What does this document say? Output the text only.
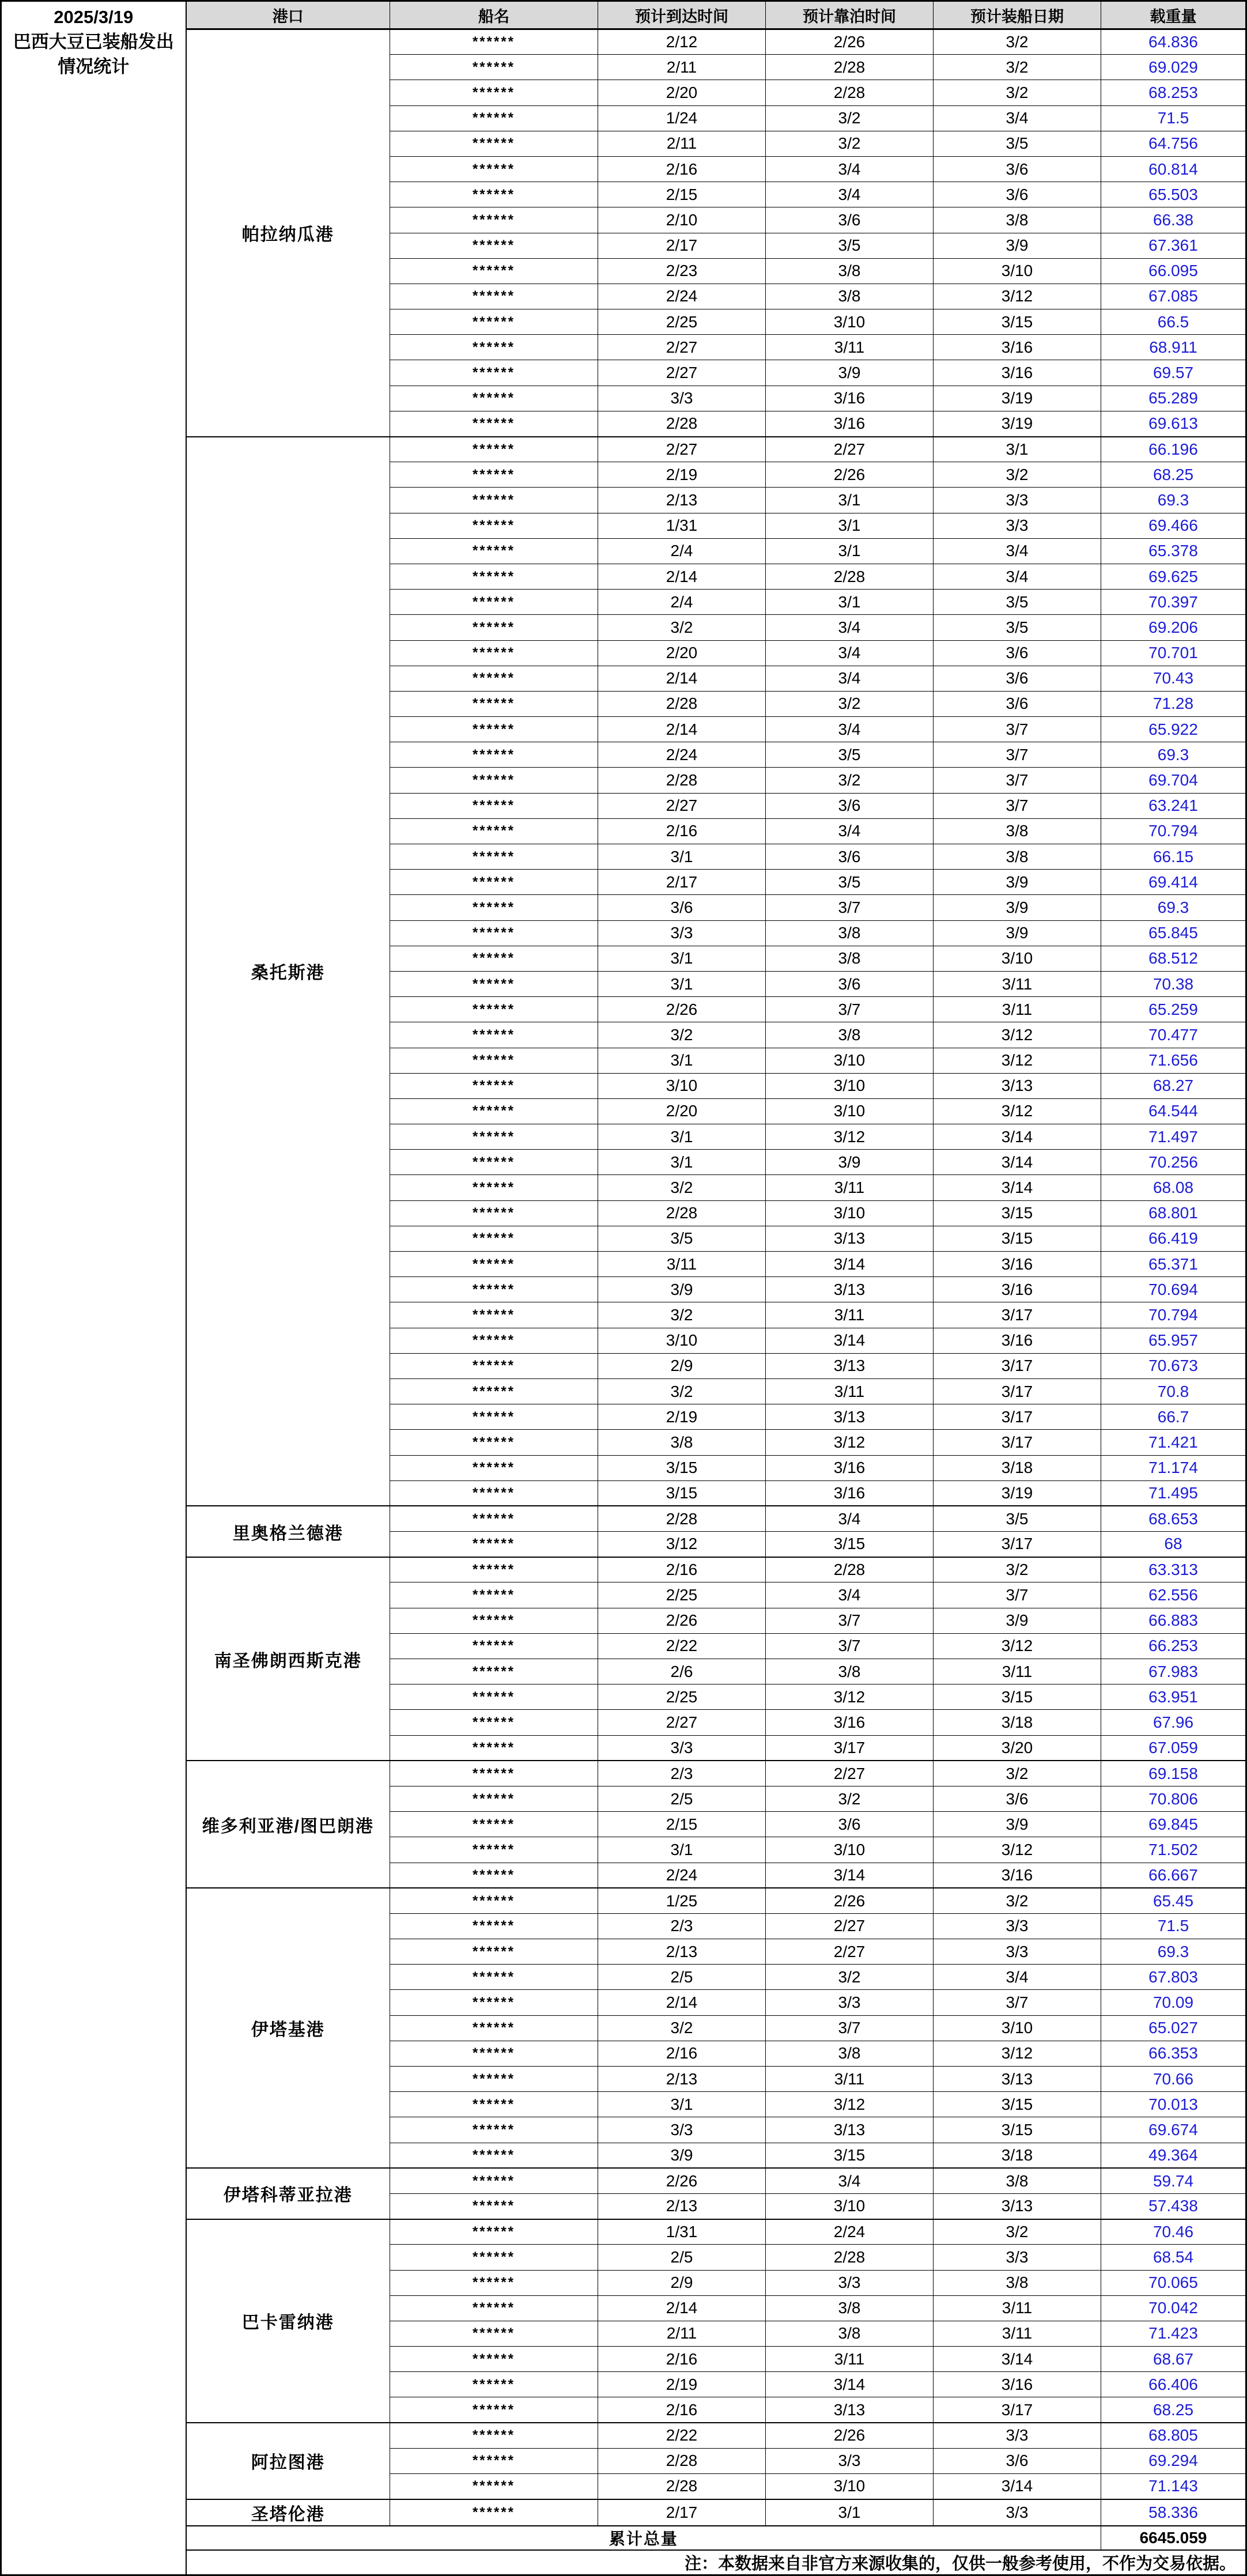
2025/3/19
巴西大豆已装船发出
情况统计	港口	船名	预计到达时间	预计靠泊时间	预计装船日期	载重量
	帕拉纳瓜港	******	2/12	2/26	3/2	64.836
		******	2/11	2/28	3/2	69.029
		******	2/20	2/28	3/2	68.253
		******	1/24	3/2	3/4	71.5
		******	2/11	3/2	3/5	64.756
		******	2/16	3/4	3/6	60.814
		******	2/15	3/4	3/6	65.503
		******	2/10	3/6	3/8	66.38
		******	2/17	3/5	3/9	67.361
		******	2/23	3/8	3/10	66.095
		******	2/24	3/8	3/12	67.085
		******	2/25	3/10	3/15	66.5
		******	2/27	3/11	3/16	68.911
		******	2/27	3/9	3/16	69.57
		******	3/3	3/16	3/19	65.289
		******	2/28	3/16	3/19	69.613
	桑托斯港	******	2/27	2/27	3/1	66.196
		******	2/19	2/26	3/2	68.25
		******	2/13	3/1	3/3	69.3
		******	1/31	3/1	3/3	69.466
		******	2/4	3/1	3/4	65.378
		******	2/14	2/28	3/4	69.625
		******	2/4	3/1	3/5	70.397
		******	3/2	3/4	3/5	69.206
		******	2/20	3/4	3/6	70.701
		******	2/14	3/4	3/6	70.43
		******	2/28	3/2	3/6	71.28
		******	2/14	3/4	3/7	65.922
		******	2/24	3/5	3/7	69.3
		******	2/28	3/2	3/7	69.704
		******	2/27	3/6	3/7	63.241
		******	2/16	3/4	3/8	70.794
		******	3/1	3/6	3/8	66.15
		******	2/17	3/5	3/9	69.414
		******	3/6	3/7	3/9	69.3
		******	3/3	3/8	3/9	65.845
		******	3/1	3/8	3/10	68.512
		******	3/1	3/6	3/11	70.38
		******	2/26	3/7	3/11	65.259
		******	3/2	3/8	3/12	70.477
		******	3/1	3/10	3/12	71.656
		******	3/10	3/10	3/13	68.27
		******	2/20	3/10	3/12	64.544
		******	3/1	3/12	3/14	71.497
		******	3/1	3/9	3/14	70.256
		******	3/2	3/11	3/14	68.08
		******	2/28	3/10	3/15	68.801
		******	3/5	3/13	3/15	66.419
		******	3/11	3/14	3/16	65.371
		******	3/9	3/13	3/16	70.694
		******	3/2	3/11	3/17	70.794
		******	3/10	3/14	3/16	65.957
		******	2/9	3/13	3/17	70.673
		******	3/2	3/11	3/17	70.8
		******	2/19	3/13	3/17	66.7
		******	3/8	3/12	3/17	71.421
		******	3/15	3/16	3/18	71.174
		******	3/15	3/16	3/19	71.495
	里奥格兰德港	******	2/28	3/4	3/5	68.653
		******	3/12	3/15	3/17	68
	南圣佛朗西斯克港	******	2/16	2/28	3/2	63.313
		******	2/25	3/4	3/7	62.556
		******	2/26	3/7	3/9	66.883
		******	2/22	3/7	3/12	66.253
		******	2/6	3/8	3/11	67.983
		******	2/25	3/12	3/15	63.951
		******	2/27	3/16	3/18	67.96
		******	3/3	3/17	3/20	67.059
	维多利亚港/图巴朗港	******	2/3	2/27	3/2	69.158
		******	2/5	3/2	3/6	70.806
		******	2/15	3/6	3/9	69.845
		******	3/1	3/10	3/12	71.502
		******	2/24	3/14	3/16	66.667
	伊塔基港	******	1/25	2/26	3/2	65.45
		******	2/3	2/27	3/3	71.5
		******	2/13	2/27	3/3	69.3
		******	2/5	3/2	3/4	67.803
		******	2/14	3/3	3/7	70.09
		******	3/2	3/7	3/10	65.027
		******	2/16	3/8	3/12	66.353
		******	2/13	3/11	3/13	70.66
		******	3/1	3/12	3/15	70.013
		******	3/3	3/13	3/15	69.674
		******	3/9	3/15	3/18	49.364
	伊塔科蒂亚拉港	******	2/26	3/4	3/8	59.74
		******	2/13	3/10	3/13	57.438
	巴卡雷纳港	******	1/31	2/24	3/2	70.46
		******	2/5	2/28	3/3	68.54
		******	2/9	3/3	3/8	70.065
		******	2/14	3/8	3/11	70.042
		******	2/11	3/8	3/11	71.423
		******	2/16	3/11	3/14	68.67
		******	2/19	3/14	3/16	66.406
		******	2/16	3/13	3/17	68.25
	阿拉图港	******	2/22	2/26	3/3	68.805
		******	2/28	3/3	3/6	69.294
		******	2/28	3/10	3/14	71.143
	圣塔伦港	******	2/17	3/1	3/3	58.336
	累计总量					6645.059
	注：本数据来自非官方来源收集的，仅供一般参考使用，不作为交易依据。					
